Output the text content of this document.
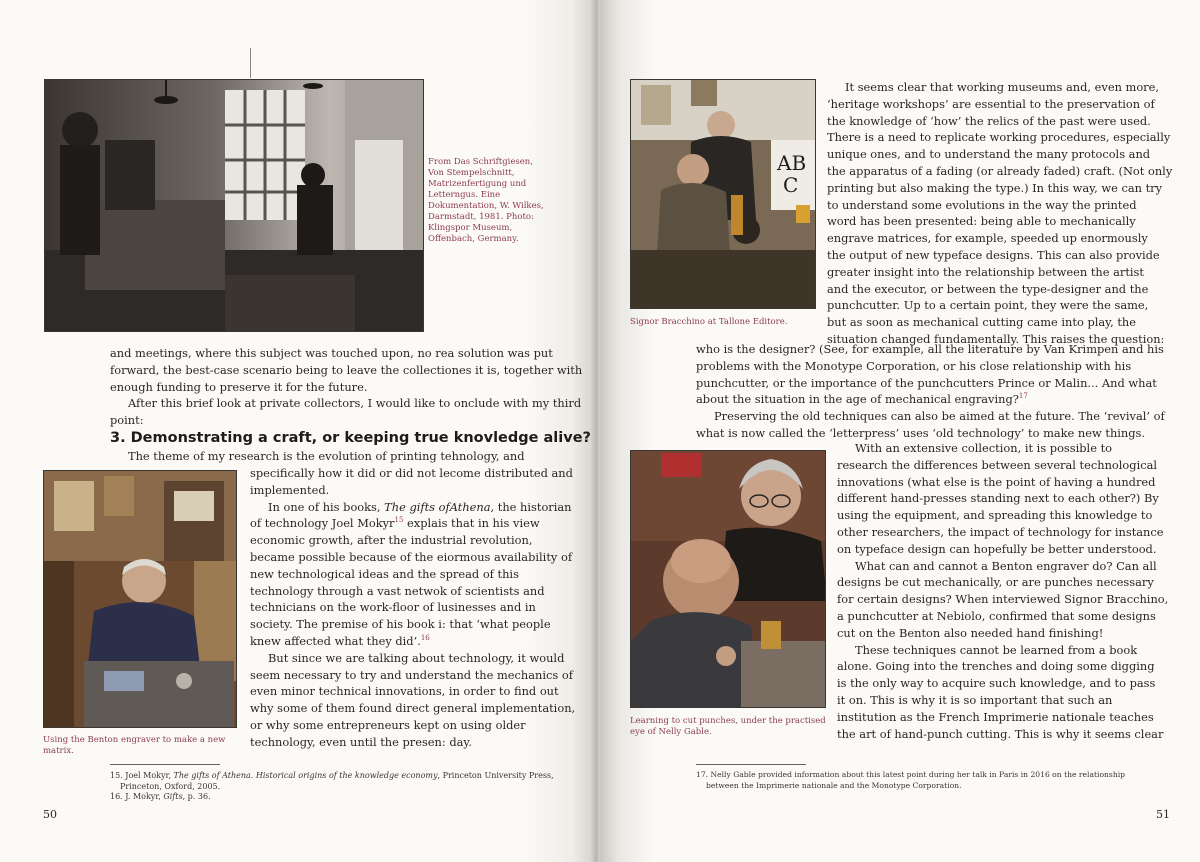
From Das Schriftgiesen,
Von Stempelschnitt,
Matrizenfertigung und
Letterngus. Eine
Dokumentation, W. Wilkes,
Darmstadt, 1981. Photo:
Klingspor Museum,
Offenbach, Germany.
and meetings, where this subject was touched upon, no rea solution was put
forward, the best-case scenario being to leave the collectiones it is, together with
enough funding to preserve it for the future.
After this brief look at private collectors, I would like to onclude with my third
point:
3. Demonstrating a craft, or keeping true knovledge alive?
The theme of my research is the evolution of printing tehnology, and
Using the Benton engraver to make a new
matrix.
specifically how it did or did not lecome distributed and
implemented.
In one of his books, The gifts ofAthena, the historian
of technology Joel Mokyr$^{15}$ explais that in his view
economic growth, after the industrial revolution,
became possible because of the eiormous availability of
new technological ideas and the spread of this
technology through a vast netwok of scientists and
technicians on the work-floor of lusinesses and in
society. The premise of his book i: that ‘what people
knew affected what they did’.$^{16}$
But since we are talking about technology, it would
seem necessary to try and understand the mechanics of
even minor technical innovations, in order to find out
why some of them found direct general implementation,
or why some entrepreneurs kept on using older
technology, even until the presen: day.
15. Joel Mokyr, The gifts of Athena. Historical origins of the knowledge economy, Princeton University Press,
Princeton, Oxford, 2005.
16. J. Mokyr, Gifts, p. 36.
50
AB
C
Signor Bracchino at Tallone Editore.
It seems clear that working museums and, even more,
‘heritage workshops’ are essential to the preservation of
the knowledge of ‘how’ the relics of the past were used.
There is a need to replicate working procedures, especially
unique ones, and to understand the many protocols and
the apparatus of a fading (or already faded) craft. (Not only
printing but also making the type.) In this way, we can try
to understand some evolutions in the way the printed
word has been presented: being able to mechanically
engrave matrices, for example, speeded up enormously
the output of new typeface designs. This can also provide
greater insight into the relationship between the artist
and the executor, or between the type-designer and the
punchcutter. Up to a certain point, they were the same,
but as soon as mechanical cutting came into play, the
situation changed fundamentally. This raises the question:
who is the designer? (See, for example, all the literature by Van Krimpen and his
problems with the Monotype Corporation, or his close relationship with his
punchcutter, or the importance of the punchcutters Prince or Malin... And what
about the situation in the age of mechanical engraving?$^{17}$
Preserving the old techniques can also be aimed at the future. The ‘revival’ of
what is now called the ‘letterpress’ uses ‘old technology’ to make new things.
Learning to cut punches, under the practised
eye of Nelly Gable.
With an extensive collection, it is possible to
research the differences between several technological
innovations (what else is the point of having a hundred
different hand-presses standing next to each other?) By
using the equipment, and spreading this knowledge to
other researchers, the impact of technology for instance
on typeface design can hopefully be better understood.
What can and cannot a Benton engraver do? Can all
designs be cut mechanically, or are punches necessary
for certain designs? When interviewed Signor Bracchino,
a punchcutter at Nebiolo, confirmed that some designs
cut on the Benton also needed hand finishing!
These techniques cannot be learned from a book
alone. Going into the trenches and doing some digging
is the only way to acquire such knowledge, and to pass
it on. This is why it is so important that such an
institution as the French Imprimerie nationale teaches
the art of hand-punch cutting. This is why it seems clear
17. Nelly Gable provided information about this latest point during her talk in Paris in 2016 on the relationship
between the Imprimerie nationale and the Monotype Corporation.
51
